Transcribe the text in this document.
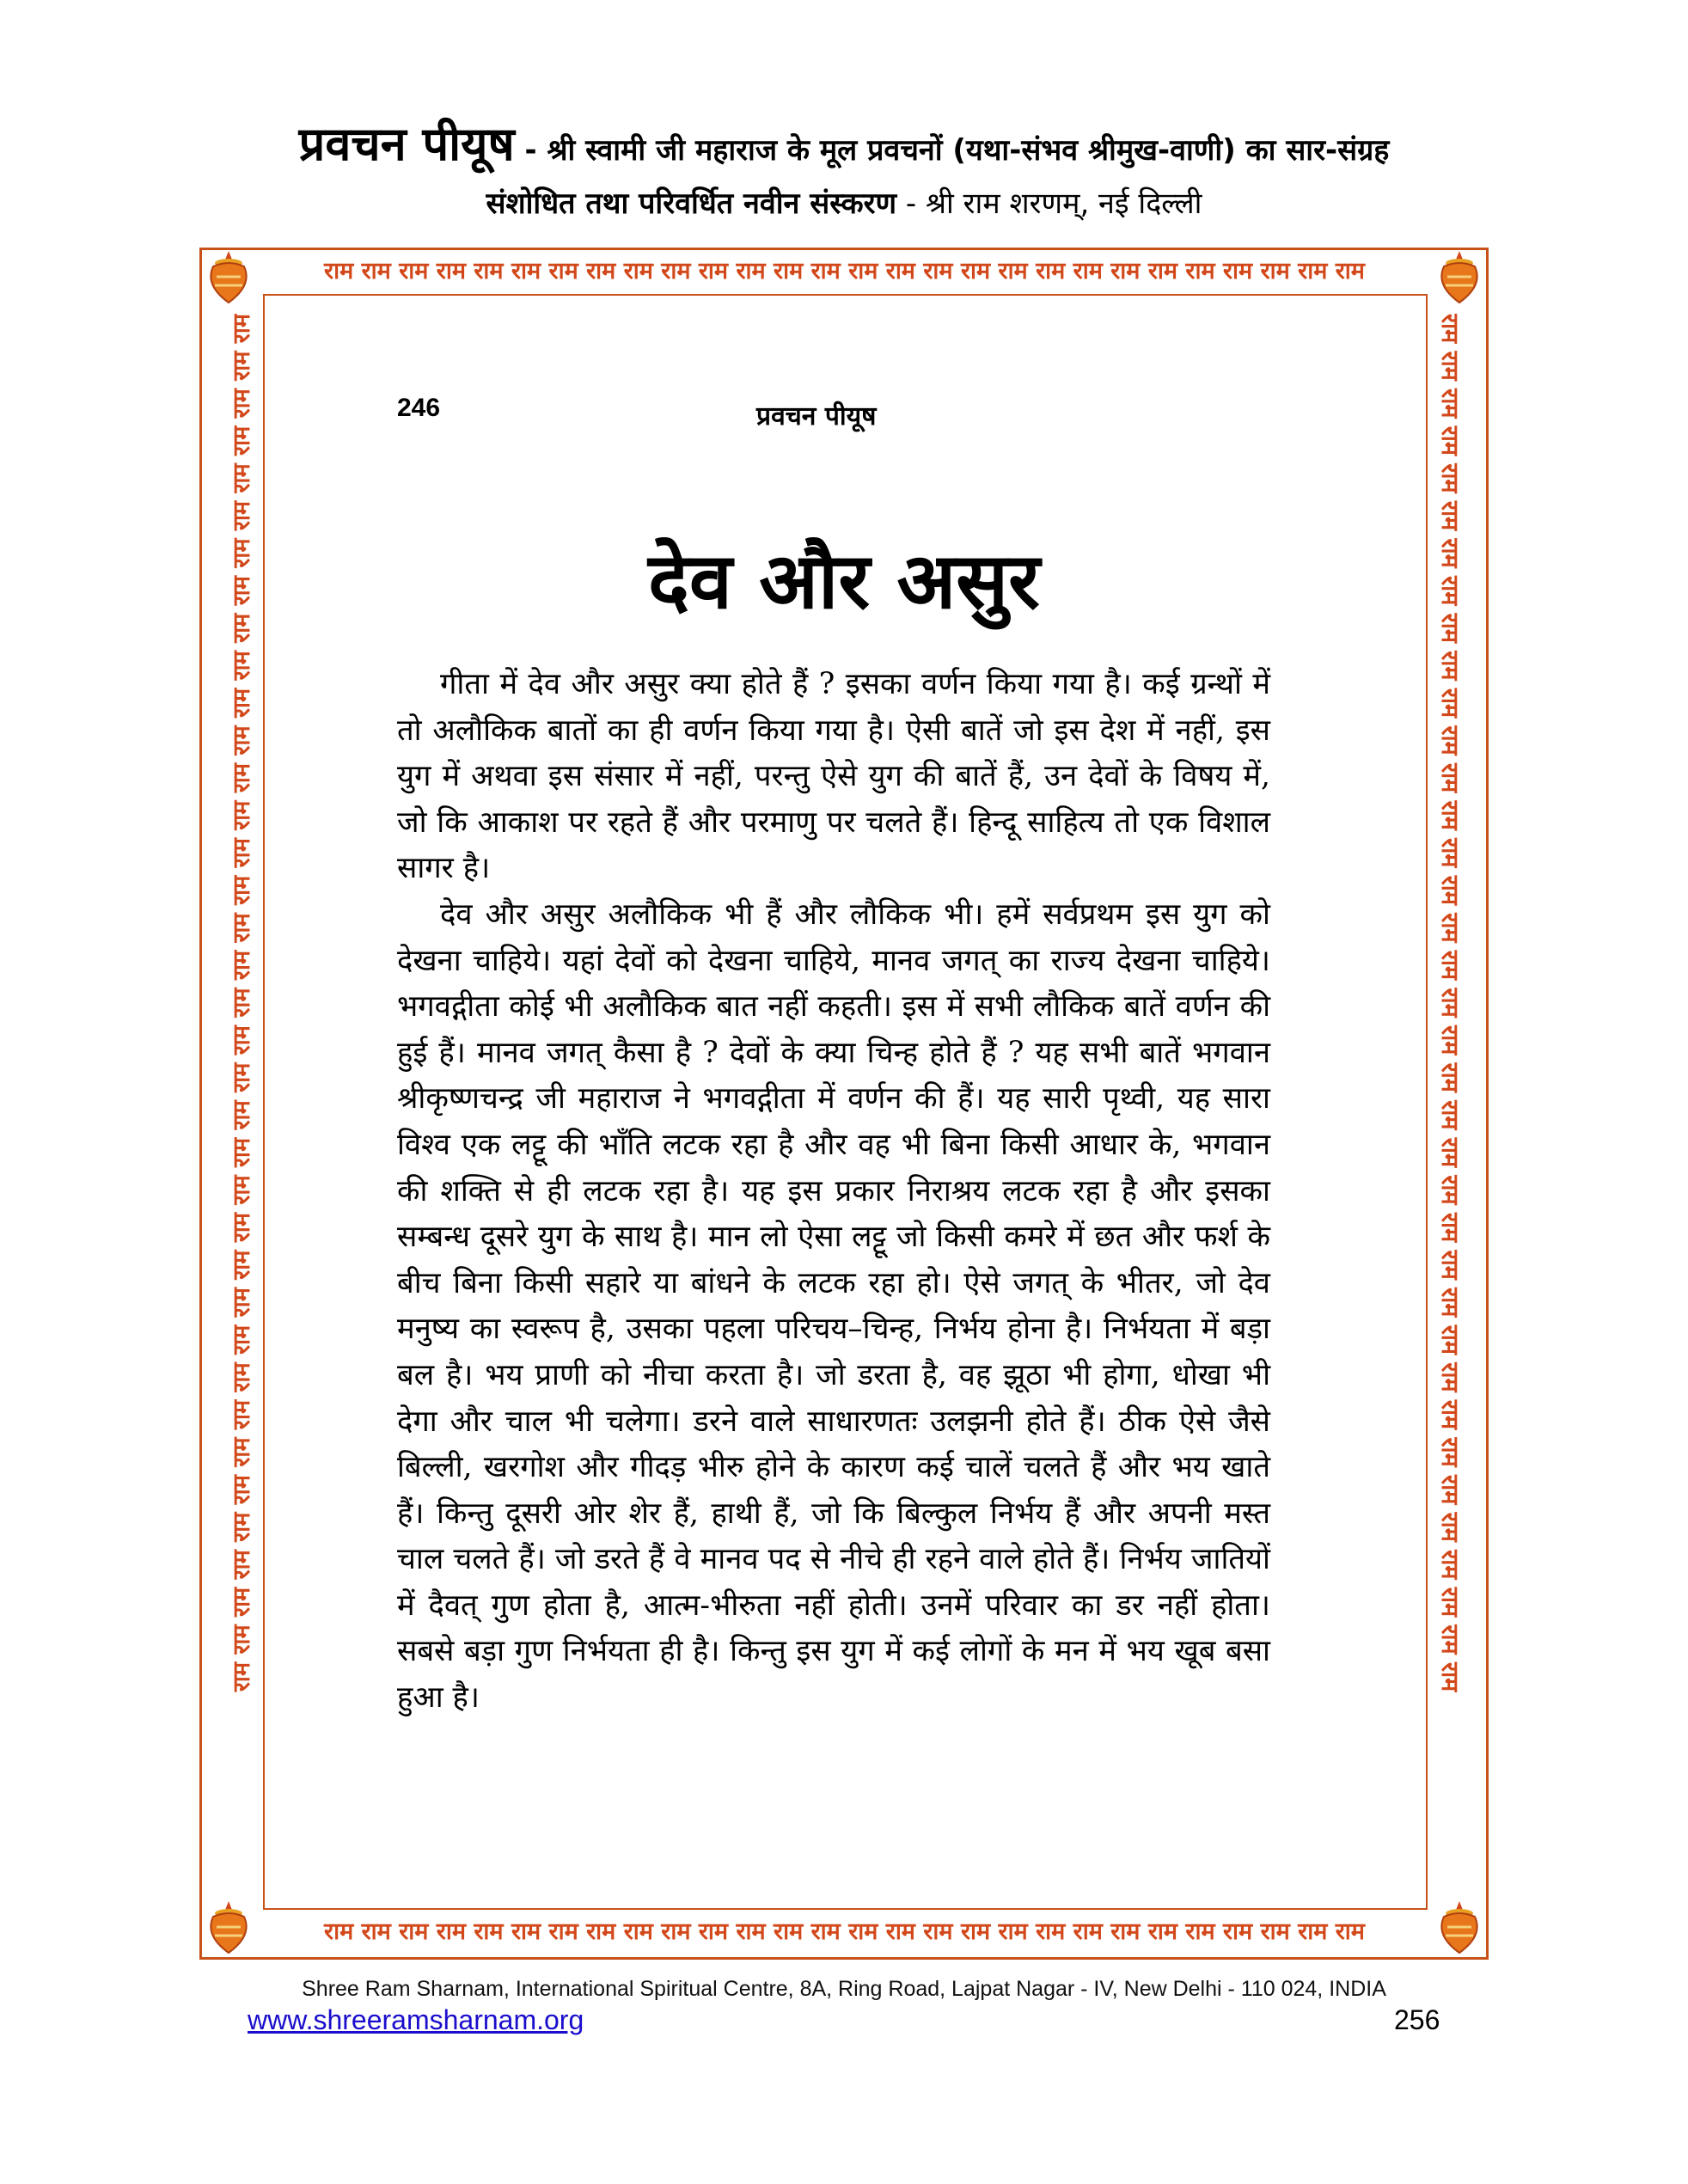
प्रवचन पीयूष - श्री स्वामी जी महाराज के मूल प्रवचनों (यथा-संभव श्रीमुख-वाणी) का सार-संग्रह
संशोधित तथा परिवर्धित नवीन संस्करण - श्री राम शरणम्, नई दिल्ली
राम राम राम राम राम राम राम राम राम राम राम राम राम राम राम राम राम राम राम राम राम राम राम राम राम राम राम राम
राम राम राम राम राम राम राम राम राम राम राम राम राम राम राम राम राम राम राम राम राम राम राम राम राम राम राम राम
राम राम राम राम राम राम राम राम राम राम राम राम राम राम राम राम राम राम राम राम राम राम राम राम राम राम राम राम राम राम राम राम राम राम राम राम राम	राम राम राम राम राम राम राम राम राम राम राम राम राम राम राम राम राम राम राम राम राम राम राम राम राम राम राम राम राम राम राम राम राम राम राम राम राम
246	प्रवचन पीयूष
देव और असुर

गीता में देव और असुर क्या होते हैं ? इसका वर्णन किया गया है। कई ग्रन्थों में तो अलौकिक बातों का ही वर्णन किया गया है। ऐसी बातें जो इस देश में नहीं, इस युग में अथवा इस संसार में नहीं, परन्तु ऐसे युग की बातें हैं, उन देवों के विषय में, जो कि आकाश पर रहते हैं और परमाणु पर चलते हैं। हिन्दू साहित्य तो एक विशाल सागर है।

देव और असुर अलौकिक भी हैं और लौकिक भी। हमें सर्वप्रथम इस युग को देखना चाहिये। यहां देवों को देखना चाहिये, मानव जगत् का राज्य देखना चाहिये। भगवद्गीता कोई भी अलौकिक बात नहीं कहती। इस में सभी लौकिक बातें वर्णन की हुई हैं। मानव जगत् कैसा है ? देवों के क्या चिन्ह होते हैं ? यह सभी बातें भगवान श्रीकृष्णचन्द्र जी महाराज ने भगवद्गीता में वर्णन की हैं। यह सारी पृथ्वी, यह सारा विश्व एक लट्टू की भाँति लटक रहा है और वह भी बिना किसी आधार के, भगवान की शक्ति से ही लटक रहा है। यह इस प्रकार निराश्रय लटक रहा है और इसका सम्बन्ध दूसरे युग के साथ है। मान लो ऐसा लट्टू जो किसी कमरे में छत और फर्श के बीच बिना किसी सहारे या बांधने के लटक रहा हो। ऐसे जगत् के भीतर, जो देव मनुष्य का स्वरूप है, उसका पहला परिचय–चिन्ह, निर्भय होना है। निर्भयता में बड़ा बल है। भय प्राणी को नीचा करता है। जो डरता है, वह झूठा भी होगा, धोखा भी देगा और चाल भी चलेगा। डरने वाले साधारणतः उलझनी होते हैं। ठीक ऐसे जैसे बिल्ली, खरगोश और गीदड़ भीरु होने के कारण कई चालें चलते हैं और भय खाते हैं। किन्तु दूसरी ओर शेर हैं, हाथी हैं, जो कि बिल्कुल निर्भय हैं और अपनी मस्त चाल चलते हैं। जो डरते हैं वे मानव पद से नीचे ही रहने वाले होते हैं। निर्भय जातियों में दैवत् गुण होता है, आत्म-भीरुता नहीं होती। उनमें परिवार का डर नहीं होता। सबसे बड़ा गुण निर्भयता ही है। किन्तु इस युग में कई लोगों के मन में भय खूब बसा हुआ है।

Shree Ram Sharnam, International Spiritual Centre, 8A, Ring Road, Lajpat Nagar - IV, New Delhi - 110 024, INDIA
www.shreeramsharnam.org	256
